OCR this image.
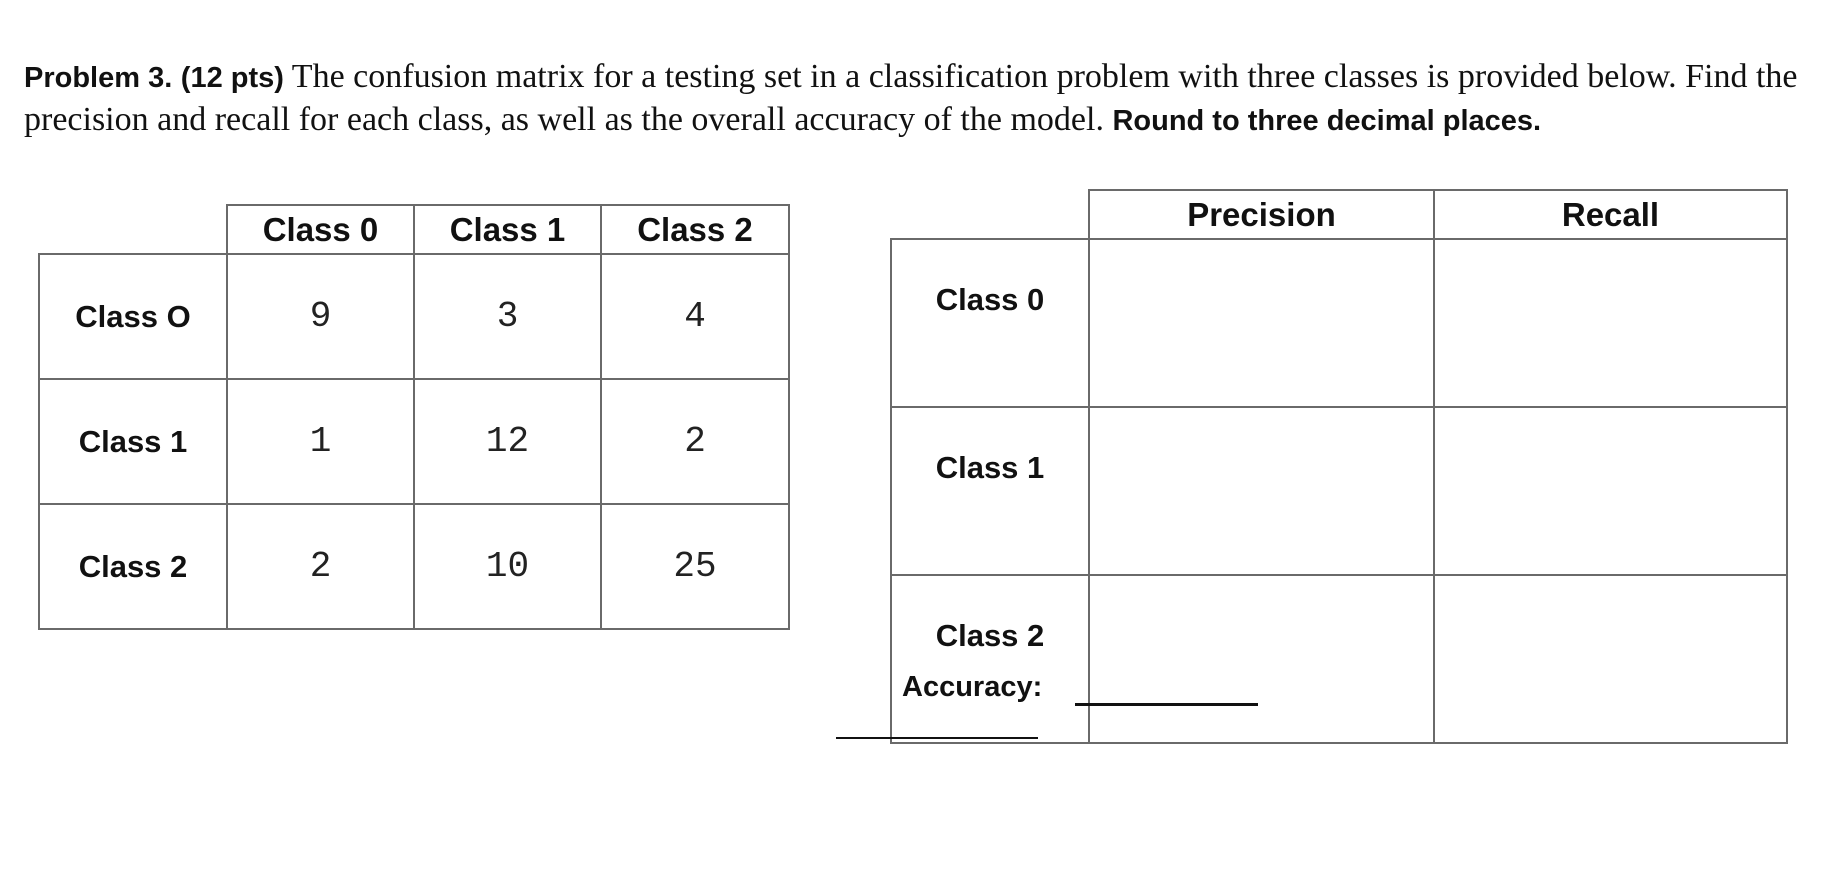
Problem 3. (12 pts) The confusion matrix for a testing set in a classification problem with three classes is provided below. Find the precision and recall for each class, as well as the overall accuracy of the model. Round to three decimal places.
	Class 0	Class 1	Class 2
Class O	9	3	4
Class 1	1	12	2
Class 2	2	10	25
	Precision	Recall
Class 0		
Class 1		
Class 2		
Accuracy:
